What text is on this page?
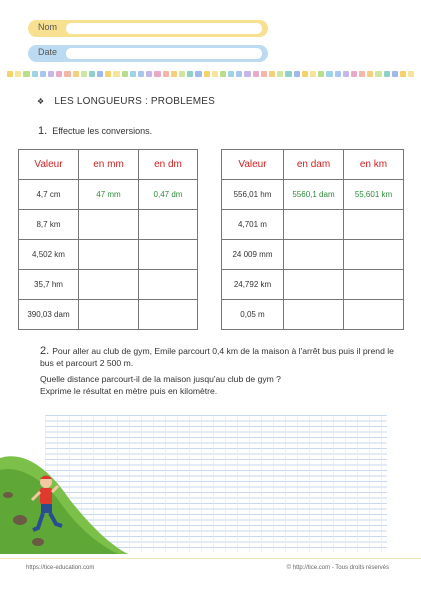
Nom
Date
❖ LES LONGUEURS : PROBLEMES
1. Effectue les conversions.
Valeur	en mm	en dm
4,7 cm	47 mm	0,47 dm
8,7 km		
4,502 km		
35,7 hm		
390,03 dam		
Valeur	en dam	en km
556,01 hm	5560,1 dam	55,601 km
4,701 m		
24 009 mm		
24,792 km		
0,05 m		
2. Pour aller au club de gym, Emile parcourt 0,4 km de la maison à l'arrêt bus puis il prend le bus et parcourt 2 500 m.
Quelle distance parcourt-il de la maison jusqu'au club de gym ?
Exprime le résultat en mètre puis en kilomètre.
https://tice-education.com	© http://tice.com - Tous droits réservés
